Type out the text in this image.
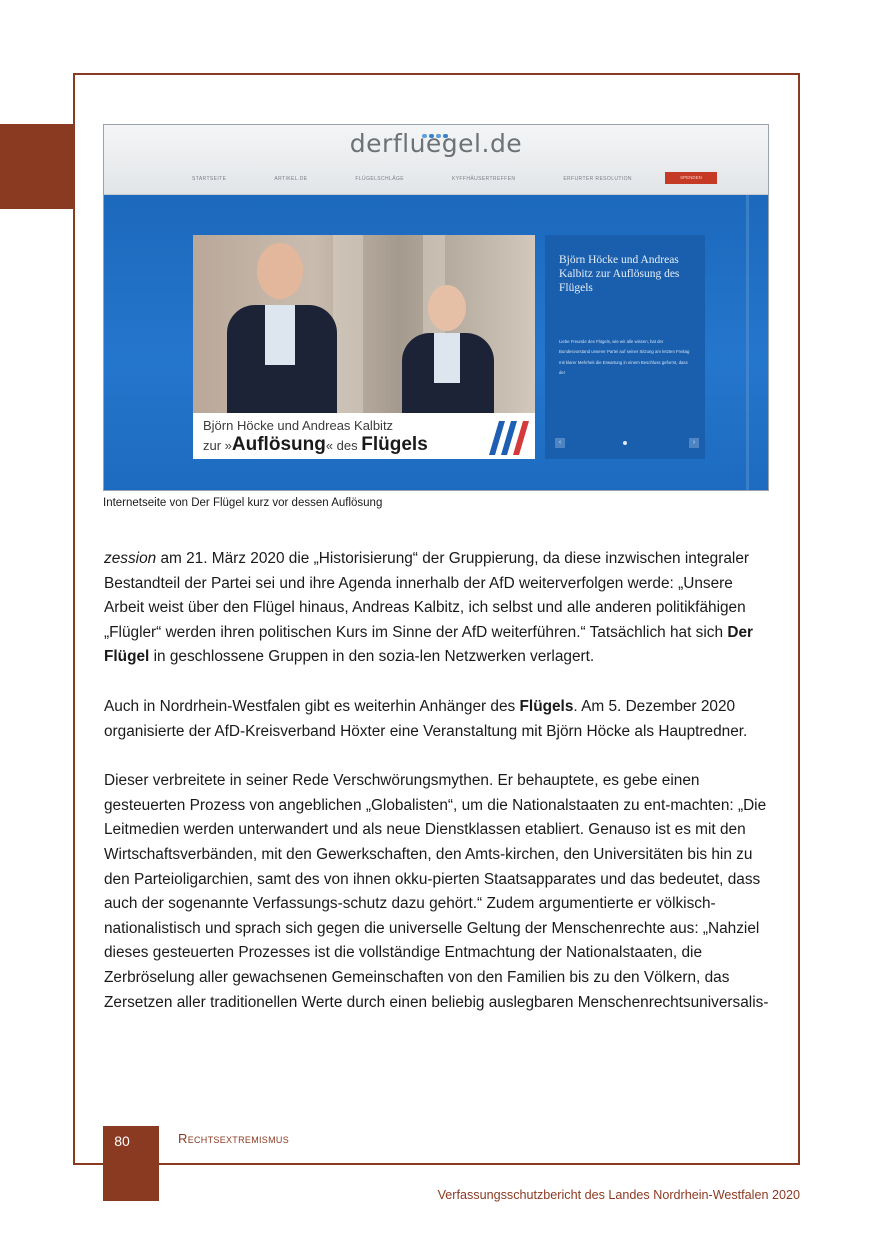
derfluegel.de
STARTSEITE	ARTIKEL.DE	FLÜGELSCHLÄGE	KYFFHÄUSERTREFFEN	ERFURTER RESOLUTION	SPENDEN
Björn Höcke und Andreas Kalbitz
zur »Auflösung« des Flügels
Björn Höcke und Andreas Kalbitz zur Auflösung des Flügels
Liebe Freunde des Flügels, wie wir alle wissen, hat der Bundesvorstand unserer Partei auf seiner Sitzung am letzten Freitag mit klarer Mehrheit die Erwartung in einem Beschluss geformt, dass der
‹	›
Internetseite von Der Flügel kurz vor dessen Auflösung

zession am 21. März 2020 die „Historisierung“ der Gruppierung, da diese inzwischen integraler Bestandteil der Partei sei und ihre Agenda innerhalb der AfD weiterverfolgen werde: „Unsere Arbeit weist über den Flügel hinaus, Andreas Kalbitz, ich selbst und alle anderen politikfähigen „Flügler“ werden ihren politischen Kurs im Sinne der AfD weiterführen.“ Tatsächlich hat sich Der Flügel in geschlossene Gruppen in den sozia-len Netzwerken verlagert.

Auch in Nordrhein-Westfalen gibt es weiterhin Anhänger des Flügels. Am 5. Dezember 2020 organisierte der AfD-Kreisverband Höxter eine Veranstaltung mit Björn Höcke als Hauptredner.

Dieser verbreitete in seiner Rede Verschwörungsmythen. Er behauptete, es gebe einen gesteuerten Prozess von angeblichen „Globalisten“, um die Nationalstaaten zu ent-machten: „Die Leitmedien werden unterwandert und als neue Dienstklassen etabliert. Genauso ist es mit den Wirtschaftsverbänden, mit den Gewerkschaften, den Amts-kirchen, den Universitäten bis hin zu den Parteioligarchien, samt des von ihnen okku-pierten Staatsapparates und das bedeutet, dass auch der sogenannte Verfassungs-schutz dazu gehört.“ Zudem argumentierte er völkisch-nationalistisch und sprach sich gegen die universelle Geltung der Menschenrechte aus: „Nahziel dieses gesteuerten Prozesses ist die vollständige Entmachtung der Nationalstaaten, die Zerbröselung aller gewachsenen Gemeinschaften von den Familien bis zu den Völkern, das Zersetzen aller traditionellen Werte durch einen beliebig auslegbaren Menschenrechtsuniversalis-

80	Rechtsextremismus
Verfassungsschutzbericht des Landes Nordrhein-Westfalen 2020
